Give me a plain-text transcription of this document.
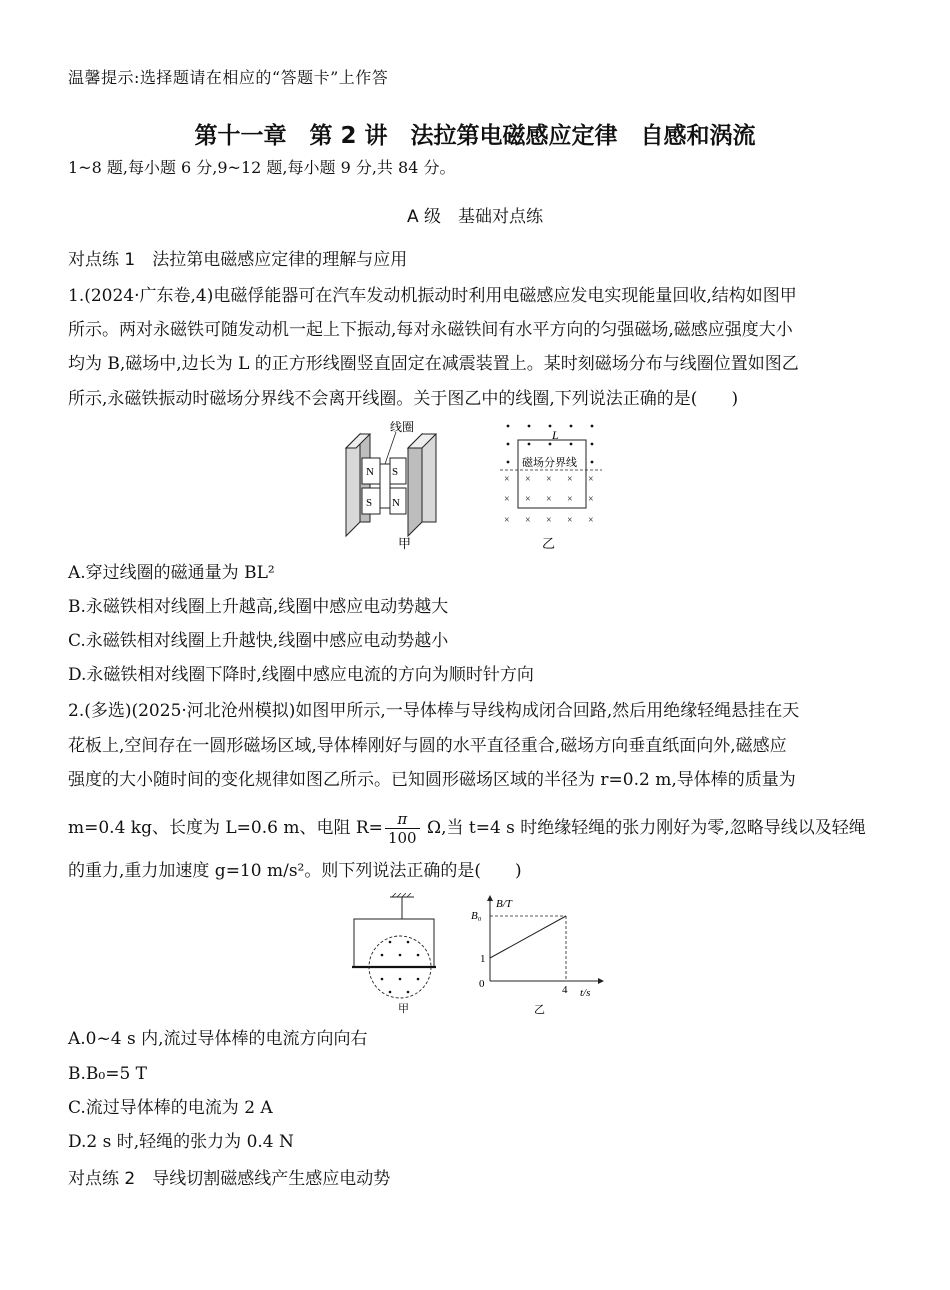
温馨提示:选择题请在相应的“答题卡”上作答
第十一章　第 2 讲　法拉第电磁感应定律　自感和涡流
1~8 题,每小题 6 分,9~12 题,每小题 9 分,共 84 分。
A 级　基础对点练
对点练 1　法拉第电磁感应定律的理解与应用
1.(2024·广东卷,4)电磁俘能器可在汽车发动机振动时利用电磁感应发电实现能量回收,结构如图甲
所示。两对永磁铁可随发动机一起上下振动,每对永磁铁间有水平方向的匀强磁场,磁感应强度大小
均为 B,磁场中,边长为 L 的正方形线圈竖直固定在减震装置上。某时刻磁场分布与线圈位置如图乙
所示,永磁铁振动时磁场分界线不会离开线圈。关于图乙中的线圈,下列说法正确的是(　　)
线圈
N
S
S
N
甲
× × × × ×
× × × × ×
× × × × ×
L
磁场分界线
乙
A.穿过线圈的磁通量为 BL²
B.永磁铁相对线圈上升越高,线圈中感应电动势越大
C.永磁铁相对线圈上升越快,线圈中感应电动势越小
D.永磁铁相对线圈下降时,线圈中感应电流的方向为顺时针方向
2.(多选)(2025·河北沧州模拟)如图甲所示,一导体棒与导线构成闭合回路,然后用绝缘轻绳悬挂在天
花板上,空间存在一圆形磁场区域,导体棒刚好与圆的水平直径重合,磁场方向垂直纸面向外,磁感应
强度的大小随时间的变化规律如图乙所示。已知圆形磁场区域的半径为 r=0.2 m,导体棒的质量为
m=0.4 kg、长度为 L=0.6 m、电阻 $R= \frac{\pi}{100} \Omega$,当 t=4 s 时绝缘轻绳的张力刚好为零,忽略导线以及轻绳
的重力,重力加速度 g=10 m/s²。则下列说法正确的是(　　)
甲
B/T
B₀
1
0	4 t/s
乙
A.0~4 s 内,流过导体棒的电流方向向右
B.B₀=5 T
C.流过导体棒的电流为 2 A
D.2 s 时,轻绳的张力为 0.4 N
对点练 2　导线切割磁感线产生感应电动势
